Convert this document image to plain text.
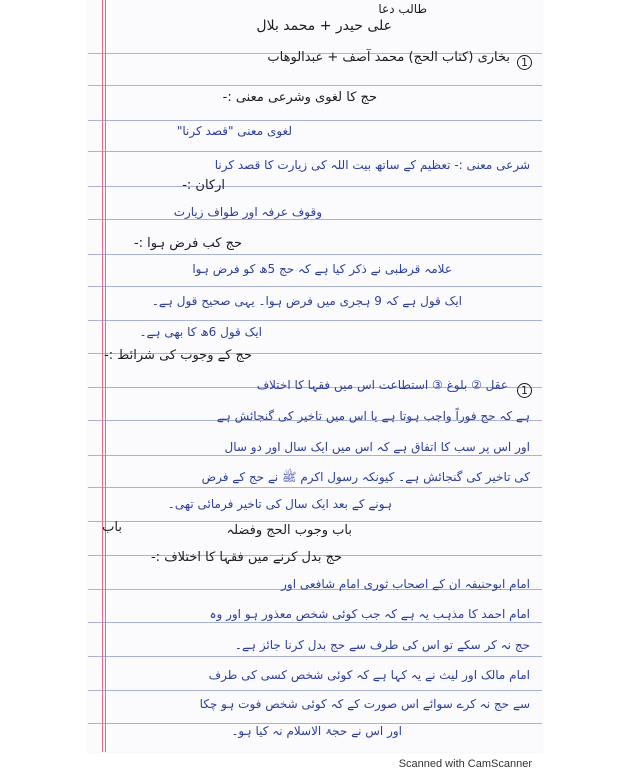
طالب دعا
علی حیدر + محمد بلال
1
بخاری (کتاب الحج) محمد آصف + عبدالوھاب
حج کا لغوی وشرعی معنی :-
لغوی معنی "قصد کرنا"
شرعی معنی :- تعظیم کے ساتھ بیت اللہ کی زیارت کا قصد کرنا
ارکان :-
وقوف عرفہ اور طواف زیارت
حج کب فرض ہوا :-
علامہ قرطبی نے ذکر کیا ہے کہ حج 5ھ کو فرض ہوا
ایک قول ہے کہ 9 ہجری میں فرض ہوا۔ یہی صحیح قول ہے۔
ایک قول 6ھ کا بھی ہے۔
حج کے وجوب کی شرائط :-
1
عقل ② بلوغ ③ استطاعت اس میں فقہا کا اختلاف
ہے کہ حج فوراً واجب ہوتا ہے یا اس میں تاخیر کی گنجائش ہے
اور اس پر سب کا اتفاق ہے کہ اس میں ایک سال اور دو سال
کی تاخیر کی گنجائش ہے۔ کیونکہ رسول اکرم ﷺ نے حج کے فرض
ہونے کے بعد ایک سال کی تاخیر فرمائی تھی۔
باب	باب وجوب الحج وفضلہ
حج بدل کرنے میں فقہا کا اختلاف :-
امام ابوحنیفہ ان کے اصحاب ثوری امام شافعی اور
امام احمد کا مذہب یہ ہے کہ جب کوئی شخص معذور ہو اور وہ
حج نہ کر سکے تو اس کی طرف سے حج بدل کرنا جائز ہے۔
امام مالک اور لیث نے یہ کہا ہے کہ کوئی شخص کسی کی طرف
سے حج نہ کرے سوائے اس صورت کے کہ کوئی شخص فوت ہو چکا
اور اس نے حجۃ الاسلام نہ کیا ہو۔
Scanned with CamScanner
